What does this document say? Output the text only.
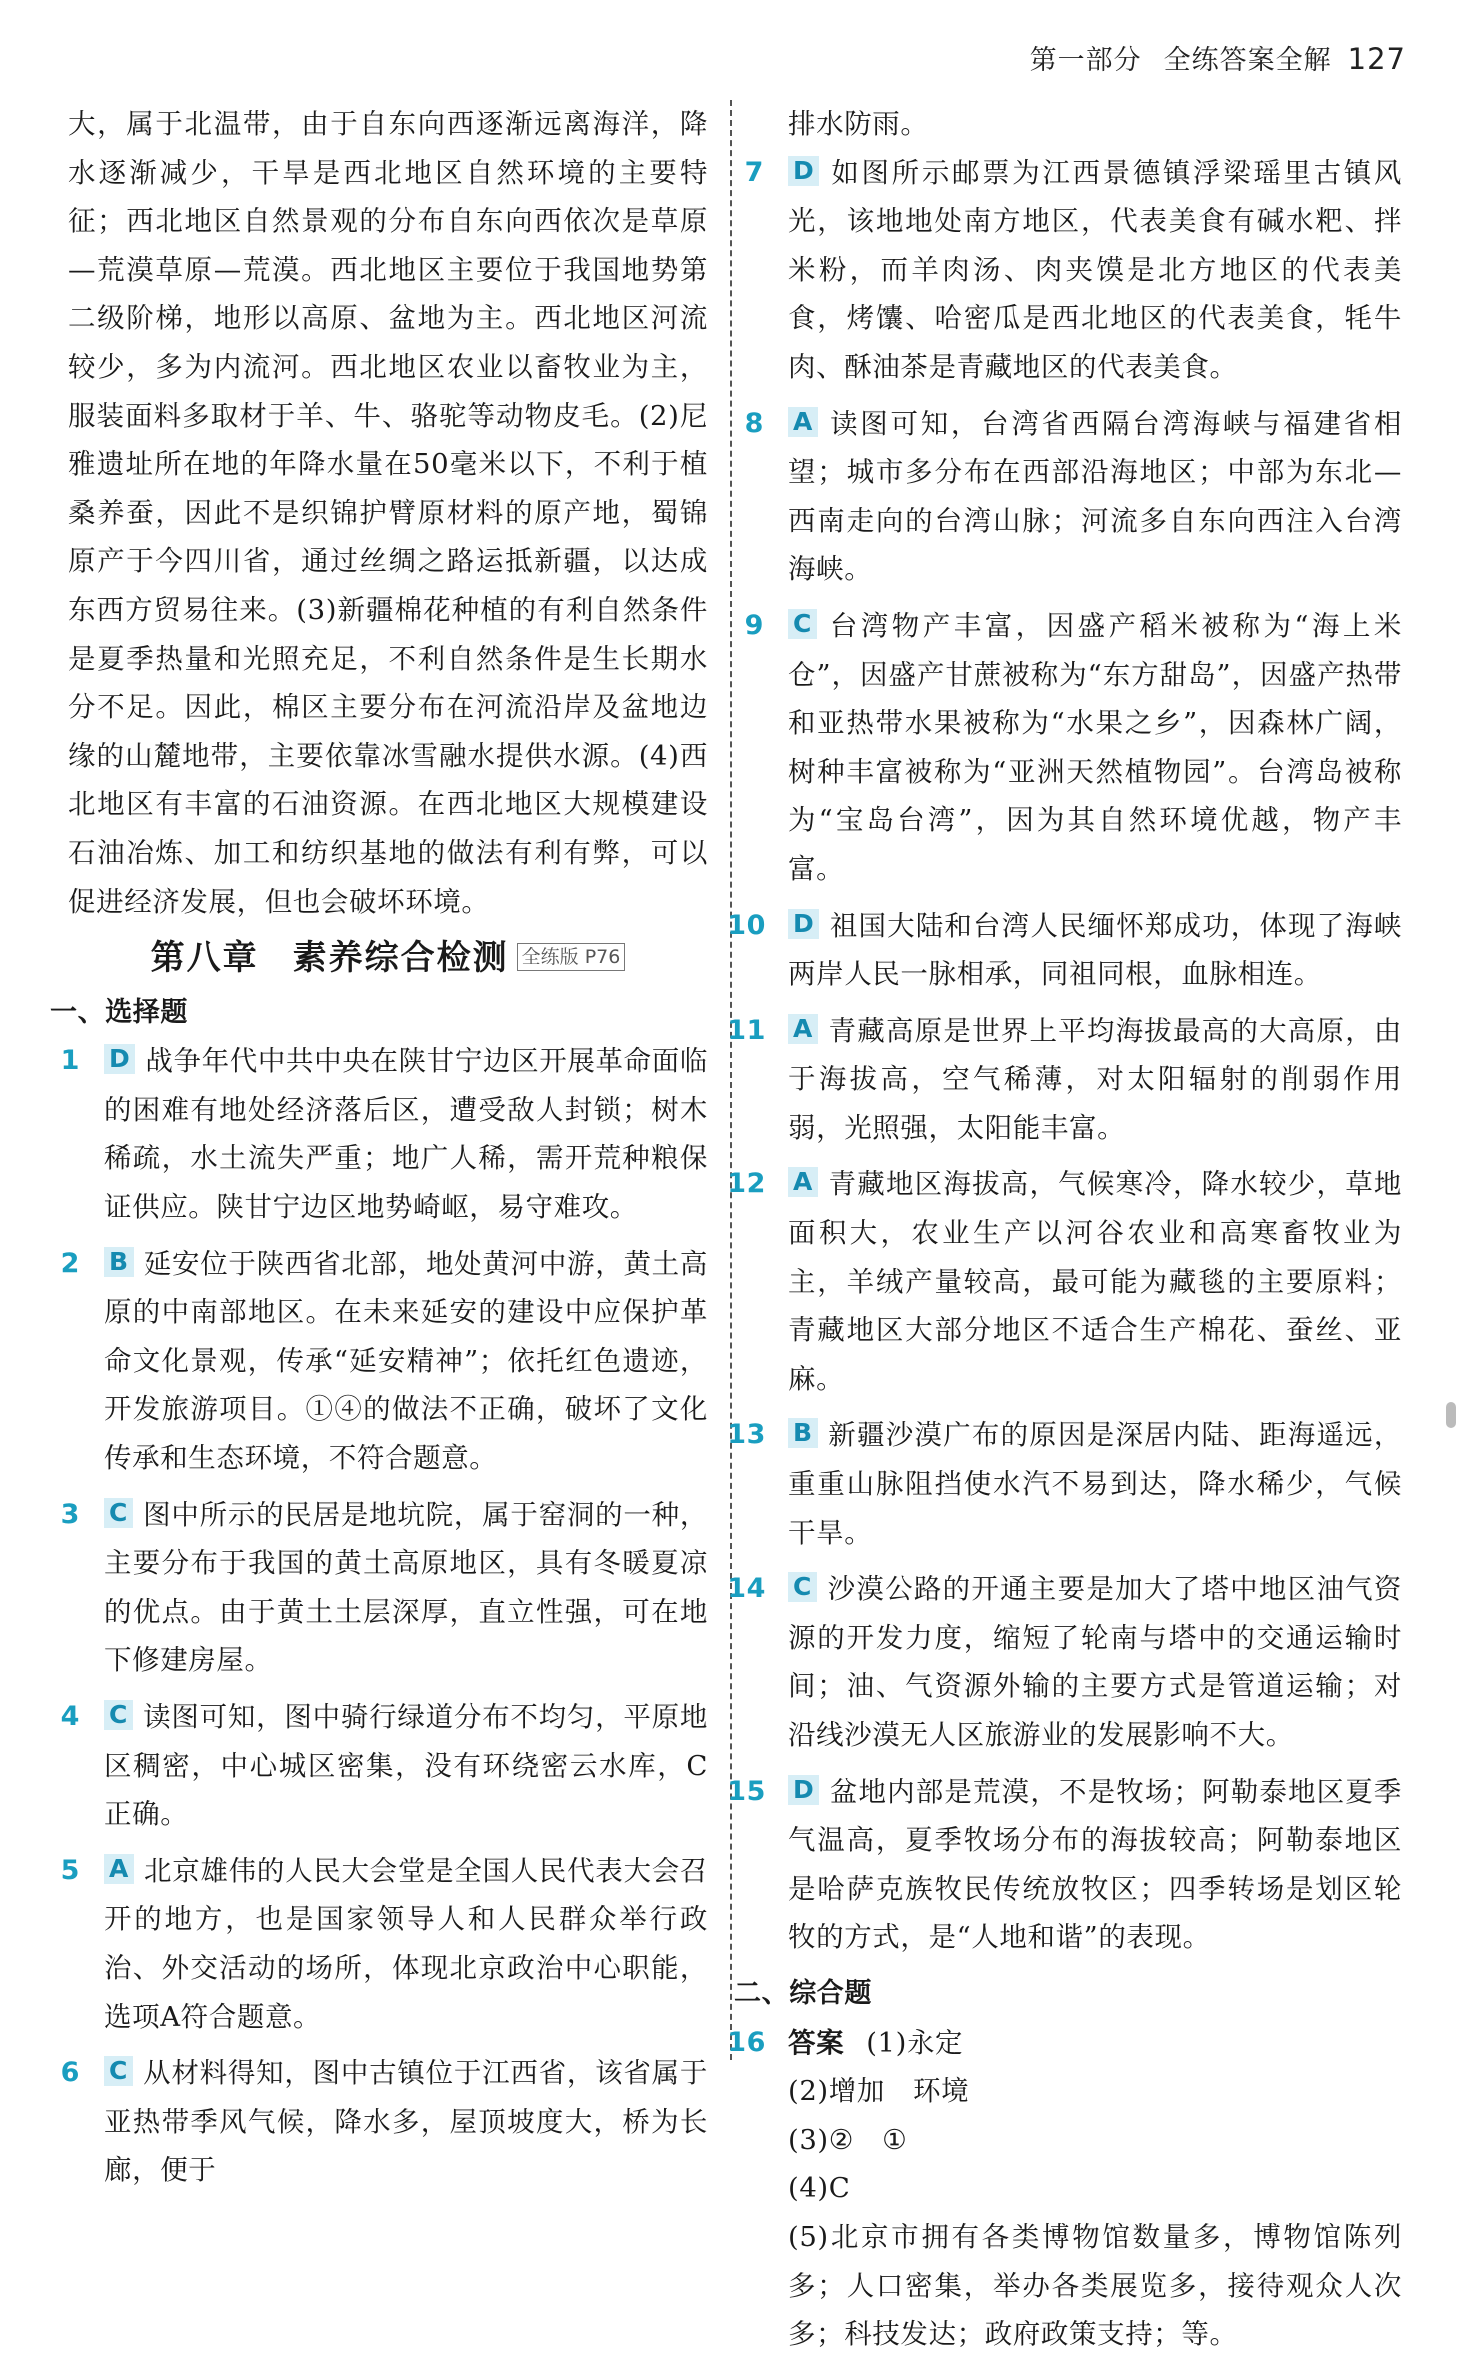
第一部分 全练答案全解 127

大，属于北温带，由于自东向西逐渐远离海洋，降水逐渐减少，干旱是西北地区自然环境的主要特征；西北地区自然景观的分布自东向西依次是草原—荒漠草原—荒漠。西北地区主要位于我国地势第二级阶梯，地形以高原、盆地为主。西北地区河流较少，多为内流河。西北地区农业以畜牧业为主，服装面料多取材于羊、牛、骆驼等动物皮毛。(2)尼雅遗址所在地的年降水量在50毫米以下，不利于植桑养蚕，因此不是织锦护臂原材料的原产地，蜀锦原产于今四川省，通过丝绸之路运抵新疆，以达成东西方贸易往来。(3)新疆棉花种植的有利自然条件是夏季热量和光照充足，不利自然条件是生长期水分不足。因此，棉区主要分布在河流沿岸及盆地边缘的山麓地带，主要依靠冰雪融水提供水源。(4)西北地区有丰富的石油资源。在西北地区大规模建设石油冶炼、加工和纺织基地的做法有利有弊，可以促进经济发展，但也会破坏环境。

第八章 素养综合检测 全练版 P76

一、选择题

1 D 战争年代中共中央在陕甘宁边区开展革命面临的困难有地处经济落后区，遭受敌人封锁；树木稀疏，水土流失严重；地广人稀，需开荒种粮保证供应。陕甘宁边区地势崎岖，易守难攻。
2 B 延安位于陕西省北部，地处黄河中游，黄土高原的中南部地区。在未来延安的建设中应保护革命文化景观，传承“延安精神”；依托红色遗迹，开发旅游项目。①④的做法不正确，破坏了文化传承和生态环境，不符合题意。
3 C 图中所示的民居是地坑院，属于窑洞的一种，主要分布于我国的黄土高原地区，具有冬暖夏凉的优点。由于黄土土层深厚，直立性强，可在地下修建房屋。
4 C 读图可知，图中骑行绿道分布不均匀，平原地区稠密，中心城区密集，没有环绕密云水库，C正确。
5 A 北京雄伟的人民大会堂是全国人民代表大会召开的地方，也是国家领导人和人民群众举行政治、外交活动的场所，体现北京政治中心职能，选项A符合题意。
6 C 从材料得知，图中古镇位于江西省，该省属于亚热带季风气候，降水多，屋顶坡度大，桥为长廊，便于

排水防雨。

7 D 如图所示邮票为江西景德镇浮梁瑶里古镇风光，该地地处南方地区，代表美食有碱水粑、拌米粉，而羊肉汤、肉夹馍是北方地区的代表美食，烤馕、哈密瓜是西北地区的代表美食，牦牛肉、酥油茶是青藏地区的代表美食。
8 A 读图可知，台湾省西隔台湾海峡与福建省相望；城市多分布在西部沿海地区；中部为东北—西南走向的台湾山脉；河流多自东向西注入台湾海峡。
9 C 台湾物产丰富，因盛产稻米被称为“海上米仓”，因盛产甘蔗被称为“东方甜岛”，因盛产热带和亚热带水果被称为“水果之乡”，因森林广阔，树种丰富被称为“亚洲天然植物园”。台湾岛被称为“宝岛台湾”，因为其自然环境优越，物产丰富。
10 D 祖国大陆和台湾人民缅怀郑成功，体现了海峡两岸人民一脉相承，同祖同根，血脉相连。
11 A 青藏高原是世界上平均海拔最高的大高原，由于海拔高，空气稀薄，对太阳辐射的削弱作用弱，光照强，太阳能丰富。
12 A 青藏地区海拔高，气候寒冷，降水较少，草地面积大，农业生产以河谷农业和高寒畜牧业为主，羊绒产量较高，最可能为藏毯的主要原料；青藏地区大部分地区不适合生产棉花、蚕丝、亚麻。
13 B 新疆沙漠广布的原因是深居内陆、距海遥远，重重山脉阻挡使水汽不易到达，降水稀少，气候干旱。
14 C 沙漠公路的开通主要是加大了塔中地区油气资源的开发力度，缩短了轮南与塔中的交通运输时间；油、气资源外输的主要方式是管道运输；对沿线沙漠无人区旅游业的发展影响不大。
15 D 盆地内部是荒漠，不是牧场；阿勒泰地区夏季气温高，夏季牧场分布的海拔较高；阿勒泰地区是哈萨克族牧民传统放牧区；四季转场是划区轮牧的方式，是“人地和谐”的表现。

二、综合题

16 答案 (1)永定

(2)增加　环境

(3)②　①

(4)C

(5)北京市拥有各类博物馆数量多，博物馆陈列多；人口密集，举办各类展览多，接待观众人次多；科技发达；政府政策支持；等。
